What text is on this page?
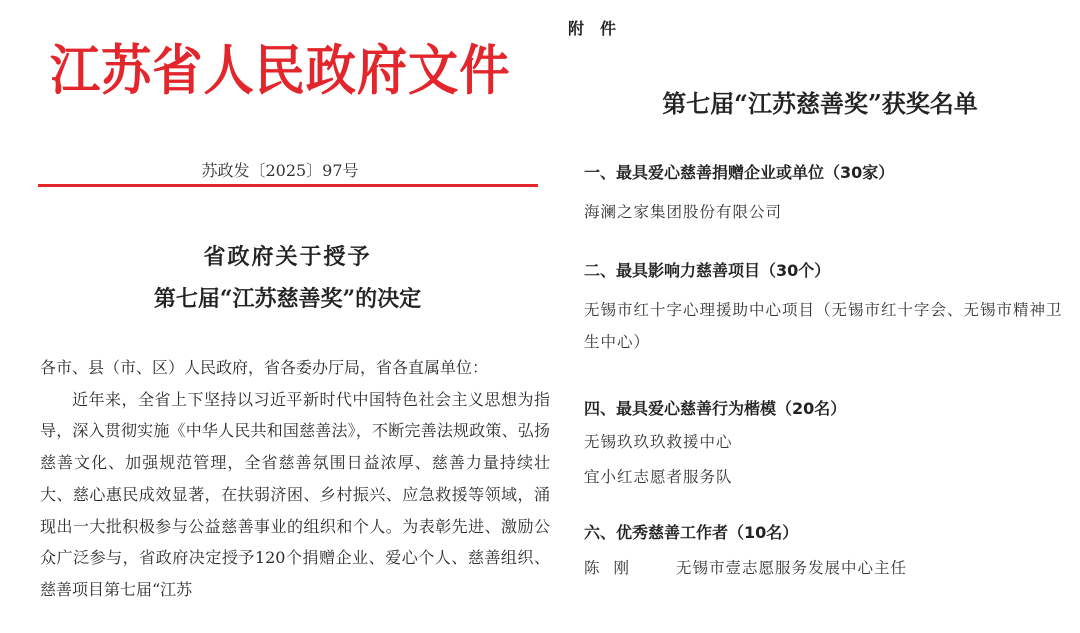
江苏省人民政府文件
苏政发〔2025〕97号
省政府关于授予
第七届“江苏慈善奖”的决定

各市、县（市、区）人民政府，省各委办厅局，省各直属单位：

近年来，全省上下坚持以习近平新时代中国特色社会主义思想为指导，深入贯彻实施《中华人民共和国慈善法》，不断完善法规政策、弘扬慈善文化、加强规范管理，全省慈善氛围日益浓厚、慈善力量持续壮大、慈心惠民成效显著，在扶弱济困、乡村振兴、应急救援等领域，涌现出一大批积极参与公益慈善事业的组织和个人。为表彰先进、激励公众广泛参与，省政府决定授予120个捐赠企业、爱心个人、慈善组织、慈善项目第七届“江苏

附件
第七届“江苏慈善奖”获奖名单
一、最具爱心慈善捐赠企业或单位（30家）
海澜之家集团股份有限公司
二、最具影响力慈善项目（30个）
无锡市红十字心理援助中心项目（无锡市红十字会、无锡市精神卫生中心）
四、最具爱心慈善行为楷模（20名）
无锡玖玖玖救援中心
宜小红志愿者服务队
六、优秀慈善工作者（10名）
陈刚 无锡市壹志愿服务发展中心主任
